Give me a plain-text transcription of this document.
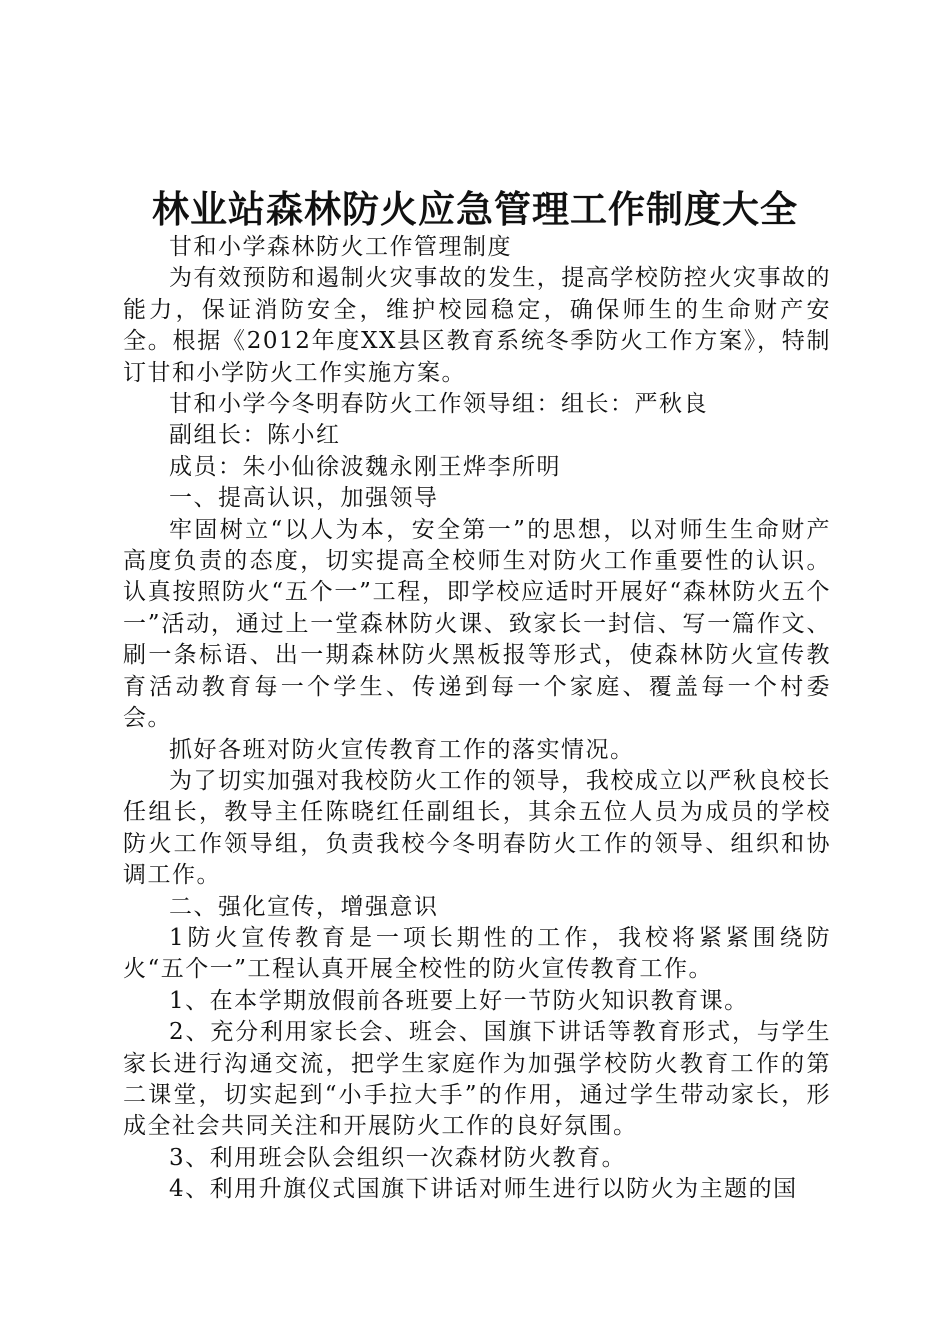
林业站森林防火应急管理工作制度大全

甘和小学森林防火工作管理制度

为有效预防和遏制火灾事故的发生，提高学校防控火灾事故的能力，保证消防安全，维护校园稳定，确保师生的生命财产安全。根据《2012年度XX县区教育系统冬季防火工作方案》，特制订甘和小学防火工作实施方案。

甘和小学今冬明春防火工作领导组：组长：严秋良

副组长：陈小红

成员：朱小仙徐波魏永刚王烨李所明

一、提高认识，加强领导

牢固树立“以人为本，安全第一”的思想，以对师生生命财产高度负责的态度，切实提高全校师生对防火工作重要性的认识。认真按照防火“五个一”工程，即学校应适时开展好“森林防火五个一”活动，通过上一堂森林防火课、致家长一封信、写一篇作文、刷一条标语、出一期森林防火黑板报等形式，使森林防火宣传教育活动教育每一个学生、传递到每一个家庭、覆盖每一个村委会。

抓好各班对防火宣传教育工作的落实情况。

为了切实加强对我校防火工作的领导，我校成立以严秋良校长任组长，教导主任陈晓红任副组长，其余五位人员为成员的学校防火工作领导组，负责我校今冬明春防火工作的领导、组织和协调工作。

二、强化宣传，增强意识

1防火宣传教育是一项长期性的工作，我校将紧紧围绕防火“五个一”工程认真开展全校性的防火宣传教育工作。

1、在本学期放假前各班要上好一节防火知识教育课。

2、充分利用家长会、班会、国旗下讲话等教育形式，与学生家长进行沟通交流，把学生家庭作为加强学校防火教育工作的第二课堂，切实起到“小手拉大手”的作用，通过学生带动家长，形成全社会共同关注和开展防火工作的良好氛围。

3、利用班会队会组织一次森材防火教育。

4、利用升旗仪式国旗下讲话对师生进行以防火为主题的国
